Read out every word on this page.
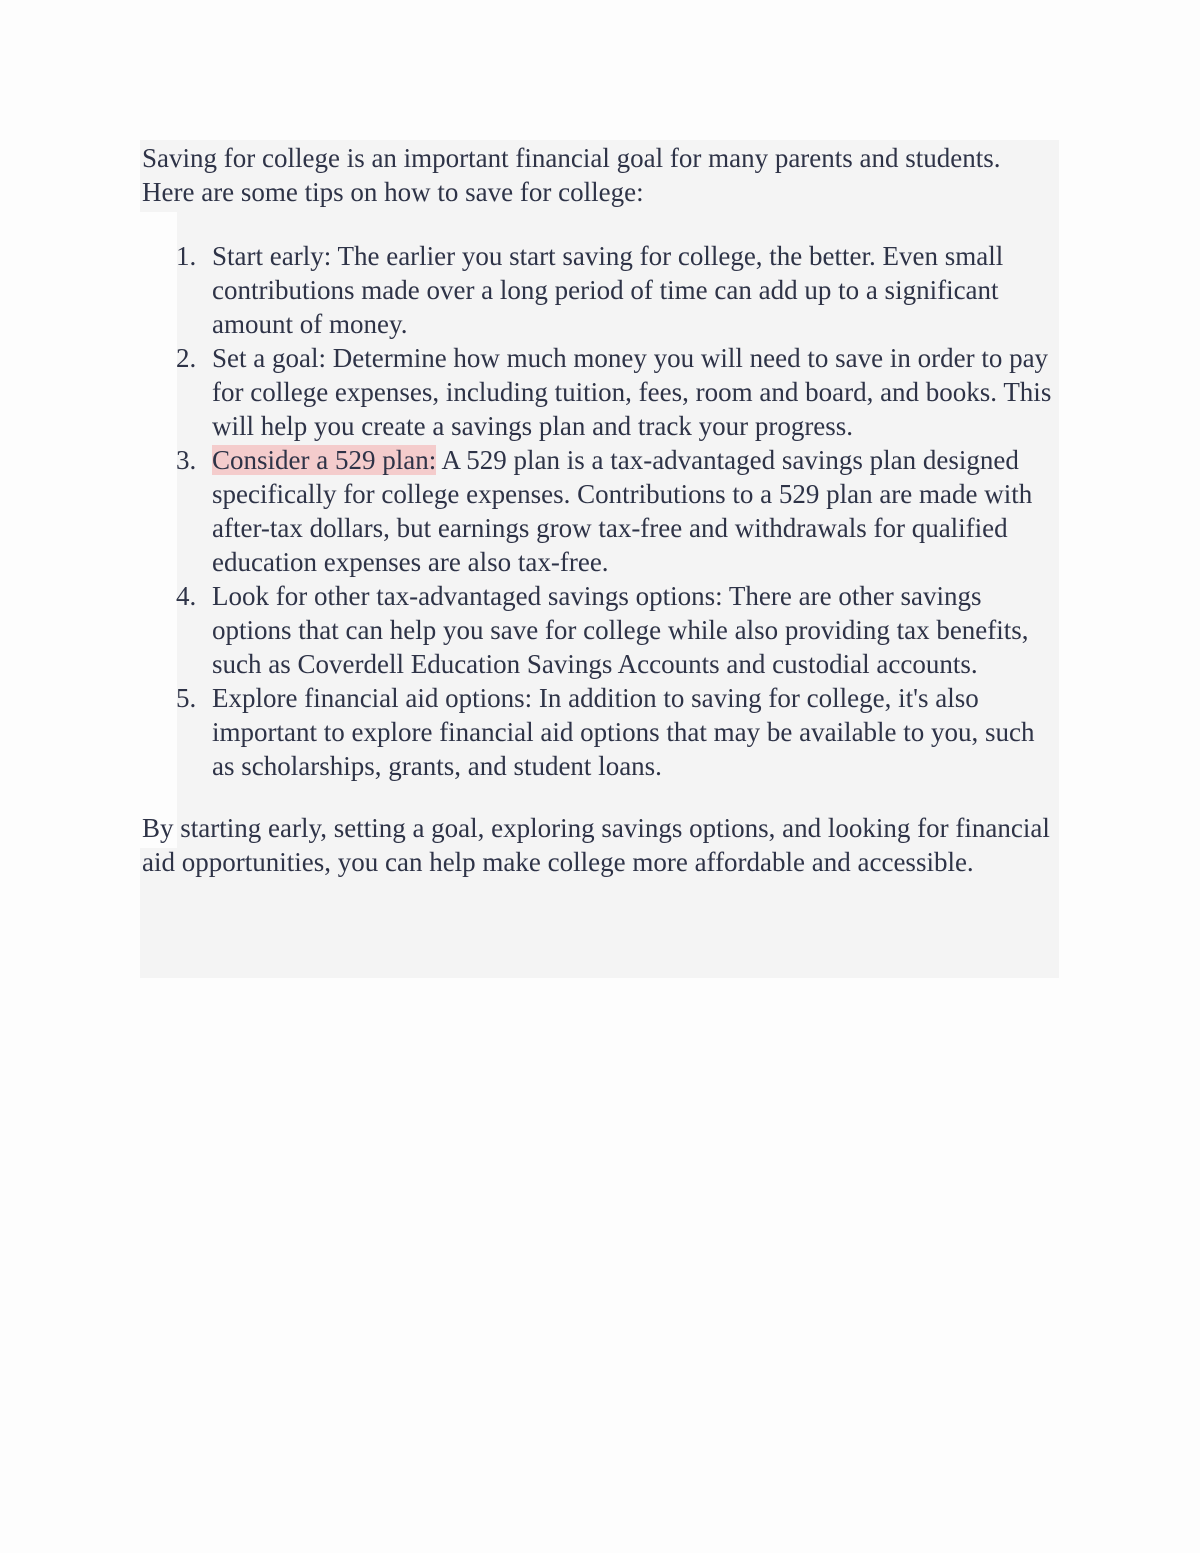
Saving for college is an important financial goal for many parents and students. Here are some tips on how to save for college:

1. Start early: The earlier you start saving for college, the better. Even small contributions made over a long period of time can add up to a significant amount of money.
2. Set a goal: Determine how much money you will need to save in order to pay for college expenses, including tuition, fees, room and board, and books. This will help you create a savings plan and track your progress.
3. Consider a 529 plan: A 529 plan is a tax-advantaged savings plan designed specifically for college expenses. Contributions to a 529 plan are made with after-tax dollars, but earnings grow tax-free and withdrawals for qualified education expenses are also tax-free.
4. Look for other tax-advantaged savings options: There are other savings options that can help you save for college while also providing tax benefits, such as Coverdell Education Savings Accounts and custodial accounts.
5. Explore financial aid options: In addition to saving for college, it's also important to explore financial aid options that may be available to you, such as scholarships, grants, and student loans.

By starting early, setting a goal, exploring savings options, and looking for financial aid opportunities, you can help make college more affordable and accessible.
